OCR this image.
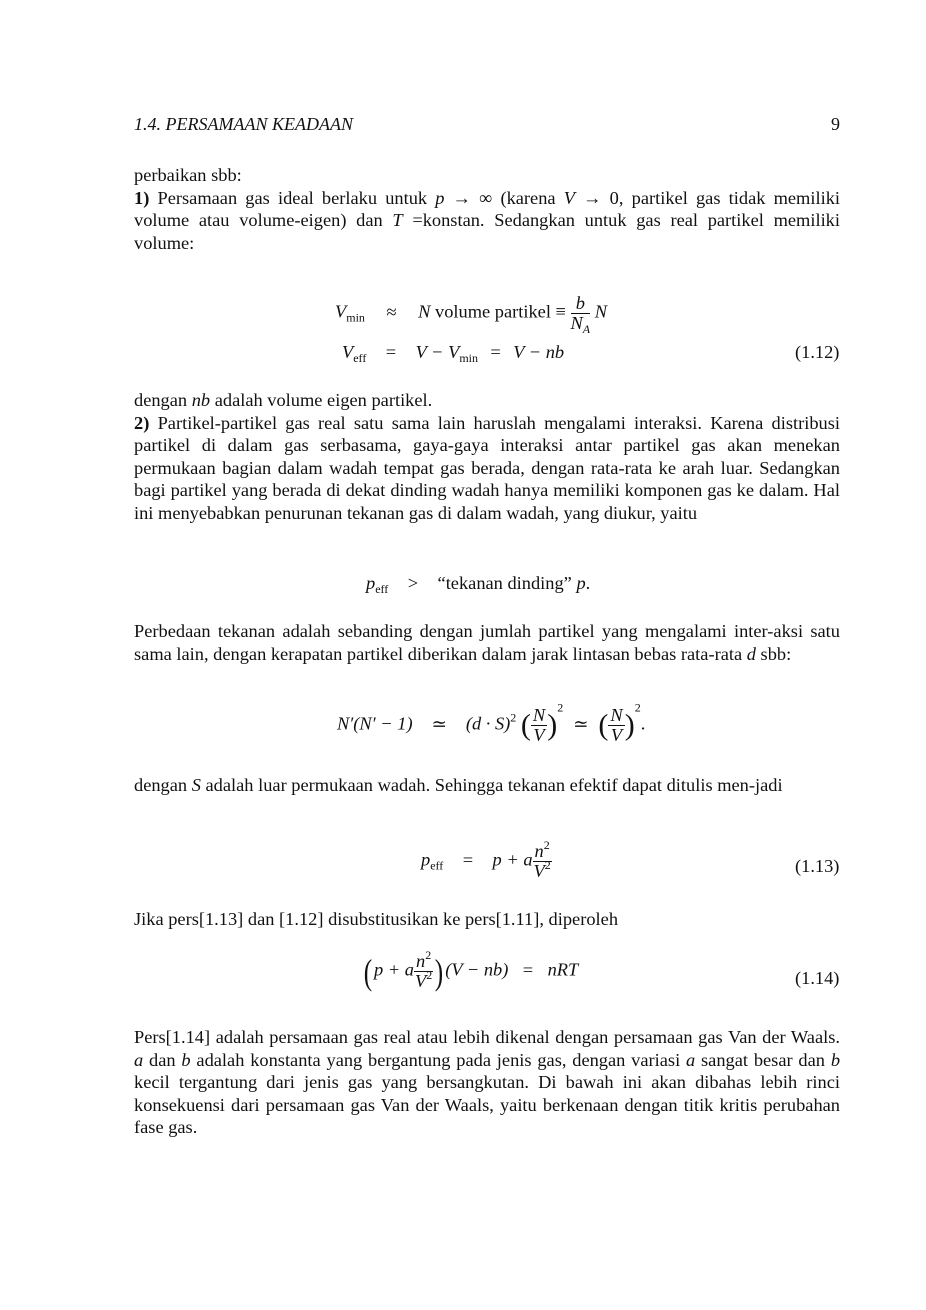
1.4. PERSAMAAN KEADAAN	9

perbaikan sbb:
1) Persamaan gas ideal berlaku untuk p → ∞ (karena V → 0, partikel gas tidak memiliki volume atau volume-eigen) dan T =konstan. Sedangkan untuk gas real partikel memiliki volume:

$V_{min} \approx N$ volume partikel ≡ $\frac{b}{N_A}$ N
$V_{eff} = V - V_{min} = V$ − nb	(1.12)

dengan nb adalah volume eigen partikel.
2) Partikel-partikel gas real satu sama lain haruslah mengalami interaksi. Karena distribusi partikel di dalam gas serbasama, gaya-gaya interaksi antar partikel gas akan menekan permukaan bagian dalam wadah tempat gas berada, dengan rata-rata ke arah luar. Sedangkan bagi partikel yang berada di dekat dinding wadah hanya memiliki komponen gas ke dalam. Hal ini menyebabkan penurunan tekanan gas di dalam wadah, yang diukur, yaitu

$p_{eff}$ > “tekanan dinding” p.

Perbedaan tekanan adalah sebanding dengan jumlah partikel yang mengalami inter-aksi satu sama lain, dengan kerapatan partikel diberikan dalam jarak lintasan bebas rata-rata d sbb:

N′(N′ − 1) ≃ $(d \cdot S)^2$ ( $\frac{N}{V} )^2$ ≃ ( $\frac{N}{V} )^2$.

dengan S adalah luar permukaan wadah. Sehingga tekanan efektif dapat ditulis men-jadi

$p_{eff} = p + a \frac{n^2}{V^2}$	(1.13)

Jika pers[1.13] dan [1.12] disubstitusikan ke pers[1.11], diperoleh

(p + a $\frac{n^2}{V^2} )(V - nb)$ = nRT	(1.14)

Pers[1.14] adalah persamaan gas real atau lebih dikenal dengan persamaan gas Van der Waals. a dan b adalah konstanta yang bergantung pada jenis gas, dengan variasi a sangat besar dan b kecil tergantung dari jenis gas yang bersangkutan. Di bawah ini akan dibahas lebih rinci konsekuensi dari persamaan gas Van der Waals, yaitu berkenaan dengan titik kritis perubahan fase gas.
